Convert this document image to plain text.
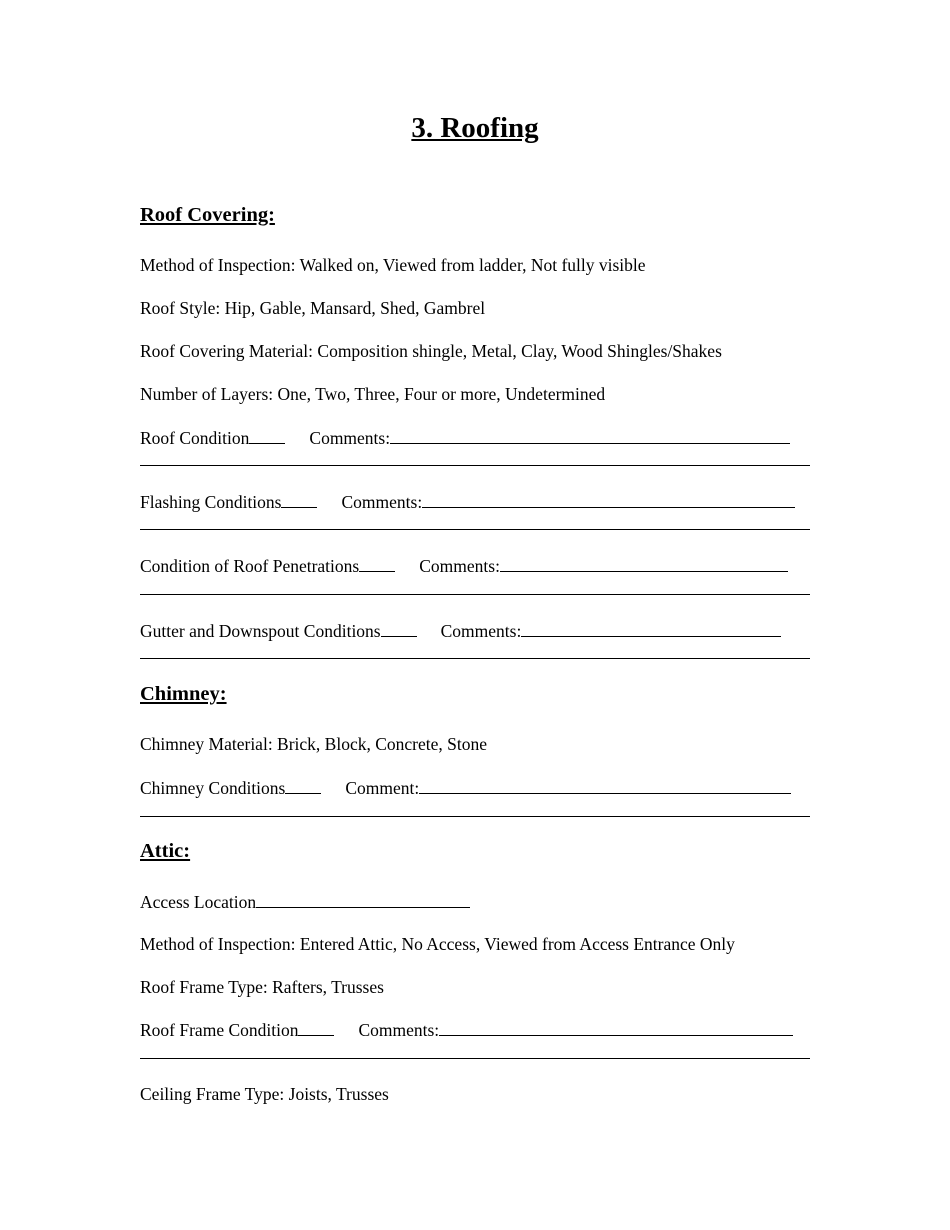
3. Roofing
Roof Covering:
Method of Inspection: Walked on, Viewed from ladder, Not fully visible
Roof Style: Hip, Gable, Mansard, Shed, Gambrel
Roof Covering Material: Composition shingle, Metal, Clay, Wood Shingles/Shakes
Number of Layers: One, Two, Three, Four or more, Undetermined
Roof Condition	Comments:
Flashing Conditions	Comments:
Condition of Roof Penetrations	Comments:
Gutter and Downspout Conditions	Comments:
Chimney:
Chimney Material: Brick, Block, Concrete, Stone
Chimney Conditions	Comment:
Attic:
Access Location
Method of Inspection: Entered Attic, No Access, Viewed from Access Entrance Only
Roof Frame Type: Rafters, Trusses
Roof Frame Condition	Comments:
Ceiling Frame Type: Joists, Trusses
